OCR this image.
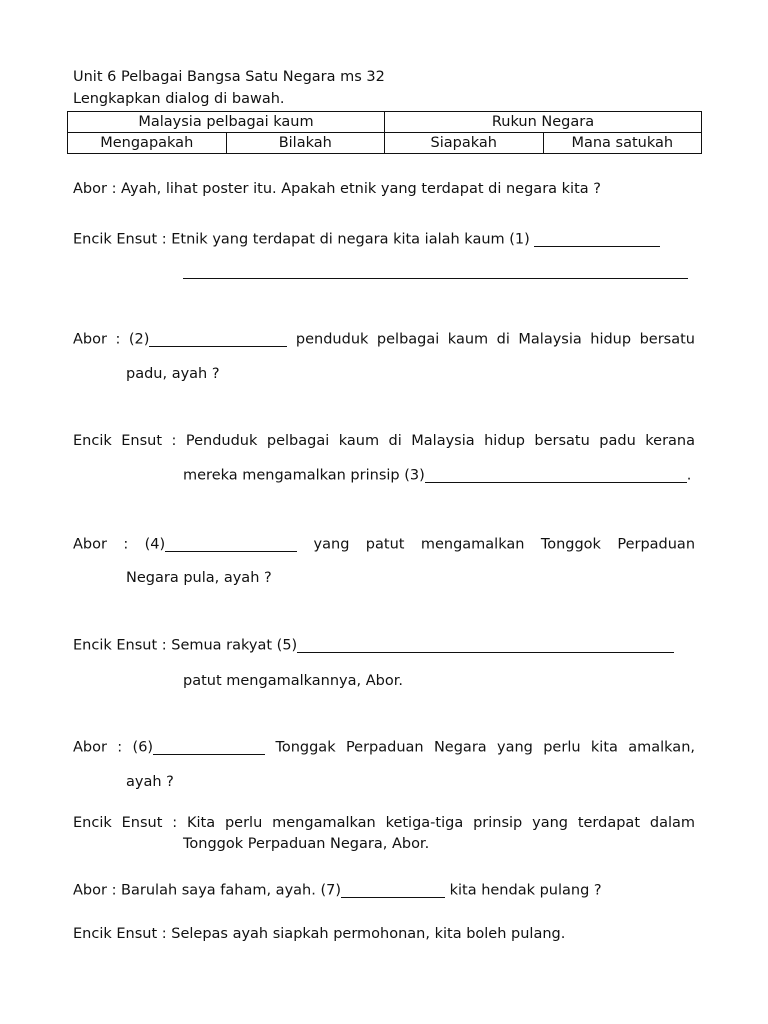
Unit 6 Pelbagai Bangsa Satu Negara ms 32
Lengkapkan dialog di bawah.
Malaysia pelbagai kaum		Rukun Negara	
Mengapakah	Bilakah	Siapakah	Mana satukah
Abor : Ayah, lihat poster itu. Apakah etnik yang terdapat di negara kita ?
Encik Ensut : Etnik yang terdapat di negara kita ialah kaum (1)
Abor : (2)	penduduk pelbagai kaum di Malaysia hidup bersatu
padu, ayah ?
Encik Ensut : Penduduk pelbagai kaum di Malaysia hidup bersatu padu kerana
mereka mengamalkan prinsip (3)	.
Abor : (4)	yang patut mengamalkan Tonggok Perpaduan
Negara pula, ayah ?
Encik Ensut : Semua rakyat (5)
patut mengamalkannya, Abor.
Abor : (6)	Tonggak Perpaduan Negara yang perlu kita amalkan,
ayah ?
Encik Ensut : Kita perlu mengamalkan ketiga-tiga prinsip yang terdapat dalam
Tonggok Perpaduan Negara, Abor.
Abor : Barulah saya faham, ayah. (7)	kita hendak pulang ?
Encik Ensut : Selepas ayah siapkah permohonan, kita boleh pulang.
